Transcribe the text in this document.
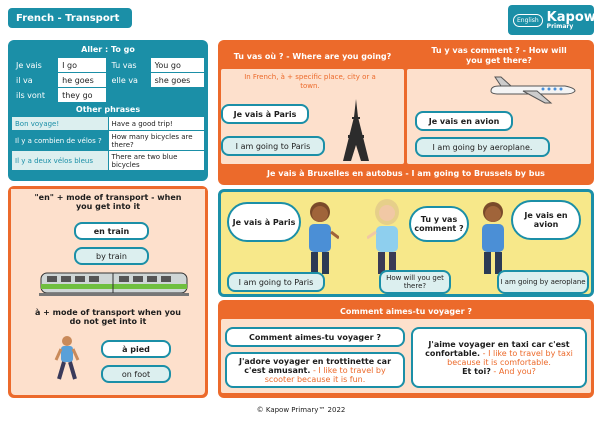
French - Transport	English Kapow
Primary
Aller : To go
Je vais	I go	Tu vas	You go
il va	he goes	elle va	she goes
ils vont	they go		
Other phrases
Bon voyage!	Have a good trip!
Il y a combien de vélos ?	How many bicycles are there?
Il y a deux vélos bleus	There are two blue bicycles
"en" + mode of transport - when you get into it
en train
by train
à + mode of transport when you do not get into it
à pied
on foot
Tu vas où ? - Where are you going?
In French, à + specific place, city or a town.
Je vais à Paris
I am going to Paris
Tu y vas comment ? - How will you get there?
Je vais en avion
I am going by aeroplane.
Je vais à Bruxelles en autobus - I am going to Brussels by bus
Je vais à Paris	Tu y vas comment ?
Je vais en avion
I am going to Paris	How will you get there?	I am going by aeroplane
Comment aimes-tu voyager ?
Comment aimes-tu voyager ?
J'adore voyager en trottinette car c'est amusant. - I like to travel by scooter because it is fun.
J'aime voyager en taxi car c'est confortable. - I like to travel by taxi because it is comfortable.
Et toi? - And you?
© Kapow Primary™ 2022
